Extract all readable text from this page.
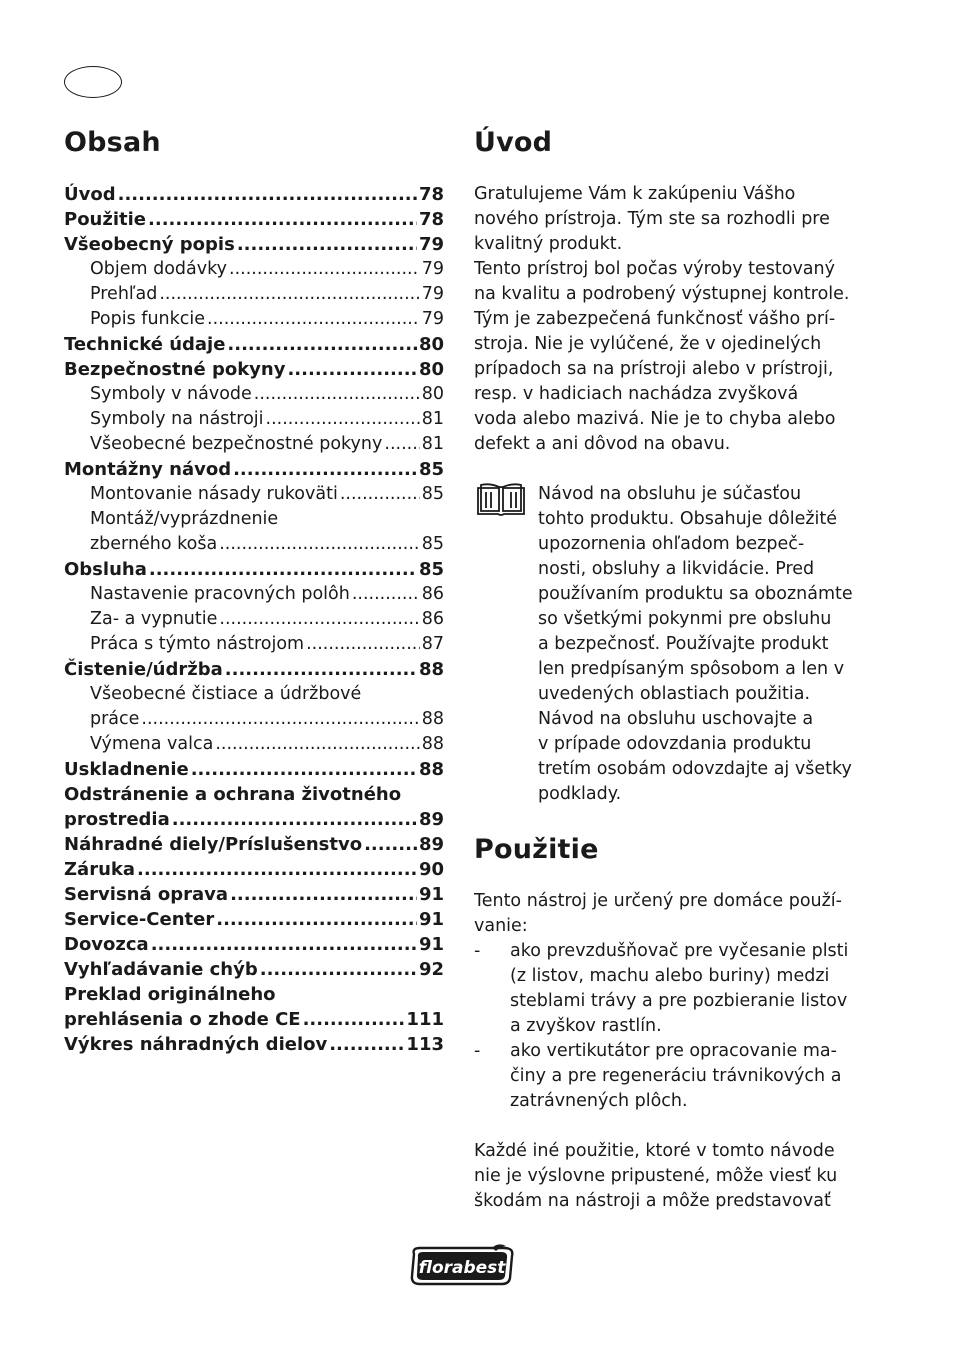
Obsah
Úvod .....	78
Použitie .....	78
Všeobecný popis .....	79
Objem dodávky .....	79
Prehľad .....	79
Popis funkcie .....	79
Technické údaje .....	80
Bezpečnostné pokyny .....	80
Symboly v návode .....	80
Symboly na nástroji .....	81
Všeobecné bezpečnostné pokyny ..... 81
Montážny návod .....	85
Montovanie násady rukoväti .....	85
Montáž/vyprázdnenie
zberného koša .....	85
Obsluha .....	85
Nastavenie pracovných polôh .....	86
Za- a vypnutie .....	86
Práca s týmto nástrojom .....	87
Čistenie/údržba .....	88
Všeobecné čistiace a údržbové
práce .....	88
Výmena valca .....	88
Uskladnenie .....	88
Odstránenie a ochrana životného
prostredia .....	89
Náhradné diely/Príslušenstvo .....	89
Záruka .....	90
Servisná oprava .....	91
Service-Center .....	91
Dovozca .....	91
Vyhľadávanie chýb .....	92
Preklad originálneho
prehlásenia o zhode CE .....	111
Výkres náhradných dielov .....	113
Úvod

Gratulujeme Vám k zakúpeniu Vášho

nového prístroja. Tým ste sa rozhodli pre

kvalitný produkt.

Tento prístroj bol počas výroby testovaný

na kvalitu a podrobený výstupnej kontrole.

Tým je zabezpečená funkčnosť vášho prí-

stroja. Nie je vylúčené, že v ojedinelých

prípadoch sa na prístroji alebo v prístroji,

resp. v hadiciach nachádza zvyšková

voda alebo mazivá. Nie je to chyba alebo

defekt a ani dôvod na obavu.

Návod na obsluhu je súčasťou

tohto produktu. Obsahuje dôležité

upozornenia ohľadom bezpeč-

nosti, obsluhy a likvidácie. Pred

používaním produktu sa oboznámte

so všetkými pokynmi pre obsluhu

a bezpečnosť. Používajte produkt

len predpísaným spôsobom a len v

uvedených oblastiach použitia.

Návod na obsluhu uschovajte a

v prípade odovzdania produktu

tretím osobám odovzdajte aj všetky

podklady.

Použitie

Tento nástroj je určený pre domáce použí-

vanie:

- ako prevzdušňovač pre vyčesanie plsti
(z listov, machu alebo buriny) medzi
steblami trávy a pre pozbieranie listov
a zvyškov rastlín.
- ako vertikutátor pre opracovanie ma-
činy a pre regeneráciu trávnikových a
zatrávnených plôch.

Každé iné použitie, ktoré v tomto návode

nie je výslovne pripustené, môže viesť ku

škodám na nástroji a môže predstavovať

florabest
